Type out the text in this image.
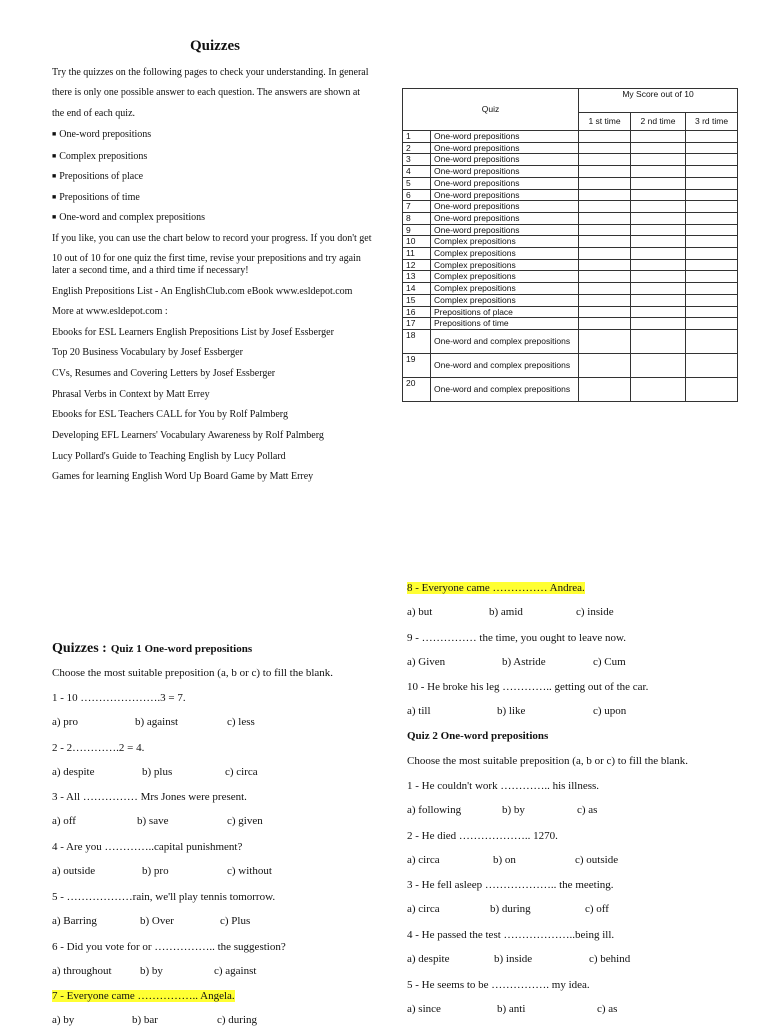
Quizzes
Try the quizzes on the following pages to check your understanding. In general
there is only one possible answer to each question. The answers are shown at
the end of each quiz.
■ One-word prepositions
■ Complex prepositions
■ Prepositions of place
■ Prepositions of time
■ One-word and complex prepositions
If you like, you can use the chart below to record your progress. If you don't get
10 out of 10 for one quiz the first time, revise your prepositions and try again
later a second time, and a third time if necessary!
English Prepositions List - An EnglishClub.com eBook www.esldepot.com
More at www.esldepot.com :
Ebooks for ESL Learners English Prepositions List by Josef Essberger
Top 20 Business Vocabulary by Josef Essberger
CVs, Resumes and Covering Letters by Josef Essberger
Phrasal Verbs in Context by Matt Errey
Ebooks for ESL Teachers CALL for You by Rolf Palmberg
Developing EFL Learners' Vocabulary Awareness by Rolf Palmberg
Lucy Pollard's Guide to Teaching English by Lucy Pollard
Games for learning English Word Up Board Game by Matt Errey
Quiz		My Score out of 10		
		1 st time	2 nd time	3 rd time
1	One-word prepositions			
2	One-word prepositions			
3	One-word prepositions			
4	One-word prepositions			
5	One-word prepositions			
6	One-word prepositions			
7	One-word prepositions			
8	One-word prepositions			
9	One-word prepositions			
10	Complex prepositions			
11	Complex prepositions			
12	Complex prepositions			
13	Complex prepositions			
14	Complex prepositions			
15	Complex prepositions			
16	Prepositions of place			
17	Prepositions of time			
18	One-word and complex prepositions			
19	One-word and complex prepositions			
20	One-word and complex prepositions			
Quizzes : Quiz 1 One-word prepositions
Choose the most suitable preposition (a, b or c) to fill the blank.
1 - 10 ………………….3 = 7.
a) pro	b) against	c) less
2 - 2………….2 = 4.
a) despite	b) plus	c) circa
3 - All …………… Mrs Jones were present.
a) off	b) save	c) given
4 - Are you …………..capital punishment?
a) outside	b) pro	c) without
5 - ………………rain, we'll play tennis tomorrow.
a) Barring	b) Over	c) Plus
6 - Did you vote for or …………….. the suggestion?
a) throughout	b) by	c) against
7 - Everyone came …………….. Angela.
a) by	b) bar	c) during
8 - Everyone came …………… Andrea.
a) but	b) amid	c) inside
9 - …………… the time, you ought to leave now.
a) Given	b) Astride	c) Cum
10 - He broke his leg ………….. getting out of the car.
a) till	b) like	c) upon
Quiz 2 One-word prepositions
Choose the most suitable preposition (a, b or c) to fill the blank.
1 - He couldn't work ………….. his illness.
a) following	b) by	c) as
2 - He died ……………….. 1270.
a) circa	b) on	c) outside
3 - He fell asleep ……………….. the meeting.
a) circa	b) during	c) off
4 - He passed the test ………………..being ill.
a) despite	b) inside	c) behind
5 - He seems to be ……………. my idea.
a) since	b) anti	c) as
